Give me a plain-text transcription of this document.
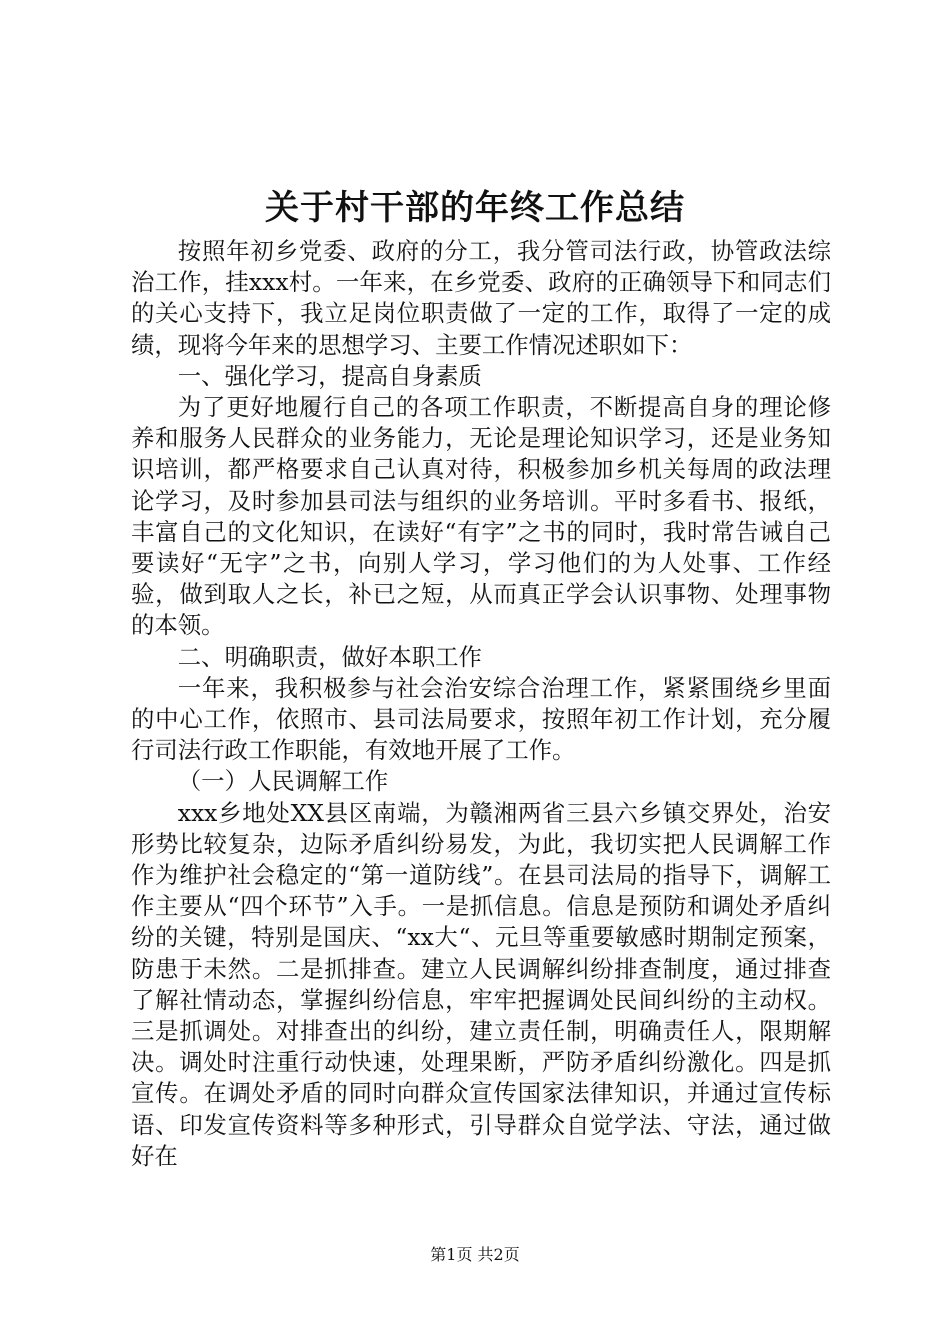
关于村干部的年终工作总结

按照年初乡党委、政府的分工，我分管司法行政，协管政法综治工作，挂xxx村。一年来，在乡党委、政府的正确领导下和同志们的关心支持下，我立足岗位职责做了一定的工作，取得了一定的成绩，现将今年来的思想学习、主要工作情况述职如下：

一、强化学习，提高自身素质

为了更好地履行自己的各项工作职责，不断提高自身的理论修养和服务人民群众的业务能力，无论是理论知识学习，还是业务知识培训，都严格要求自己认真对待，积极参加乡机关每周的政法理论学习，及时参加县司法与组织的业务培训。平时多看书、报纸，丰富自己的文化知识，在读好“有字”之书的同时，我时常告诫自己要读好“无字”之书，向别人学习，学习他们的为人处事、工作经验，做到取人之长，补已之短，从而真正学会认识事物、处理事物的本领。

二、明确职责，做好本职工作

一年来，我积极参与社会治安综合治理工作，紧紧围绕乡里面的中心工作，依照市、县司法局要求，按照年初工作计划，充分履行司法行政工作职能，有效地开展了工作。

（一）人民调解工作

xxx乡地处XX县区南端，为赣湘两省三县六乡镇交界处，治安形势比较复杂，边际矛盾纠纷易发，为此，我切实把人民调解工作作为维护社会稳定的“第一道防线”。在县司法局的指导下，调解工作主要从“四个环节”入手。一是抓信息。信息是预防和调处矛盾纠纷的关键，特别是国庆、“xx大“、元旦等重要敏感时期制定预案，防患于未然。二是抓排查。建立人民调解纠纷排查制度，通过排查了解社情动态，掌握纠纷信息，牢牢把握调处民间纠纷的主动权。三是抓调处。对排查出的纠纷，建立责任制，明确责任人，限期解决。调处时注重行动快速，处理果断，严防矛盾纠纷激化。四是抓宣传。在调处矛盾的同时向群众宣传国家法律知识，并通过宣传标语、印发宣传资料等多种形式，引导群众自觉学法、守法，通过做好在

第1页 共2页
